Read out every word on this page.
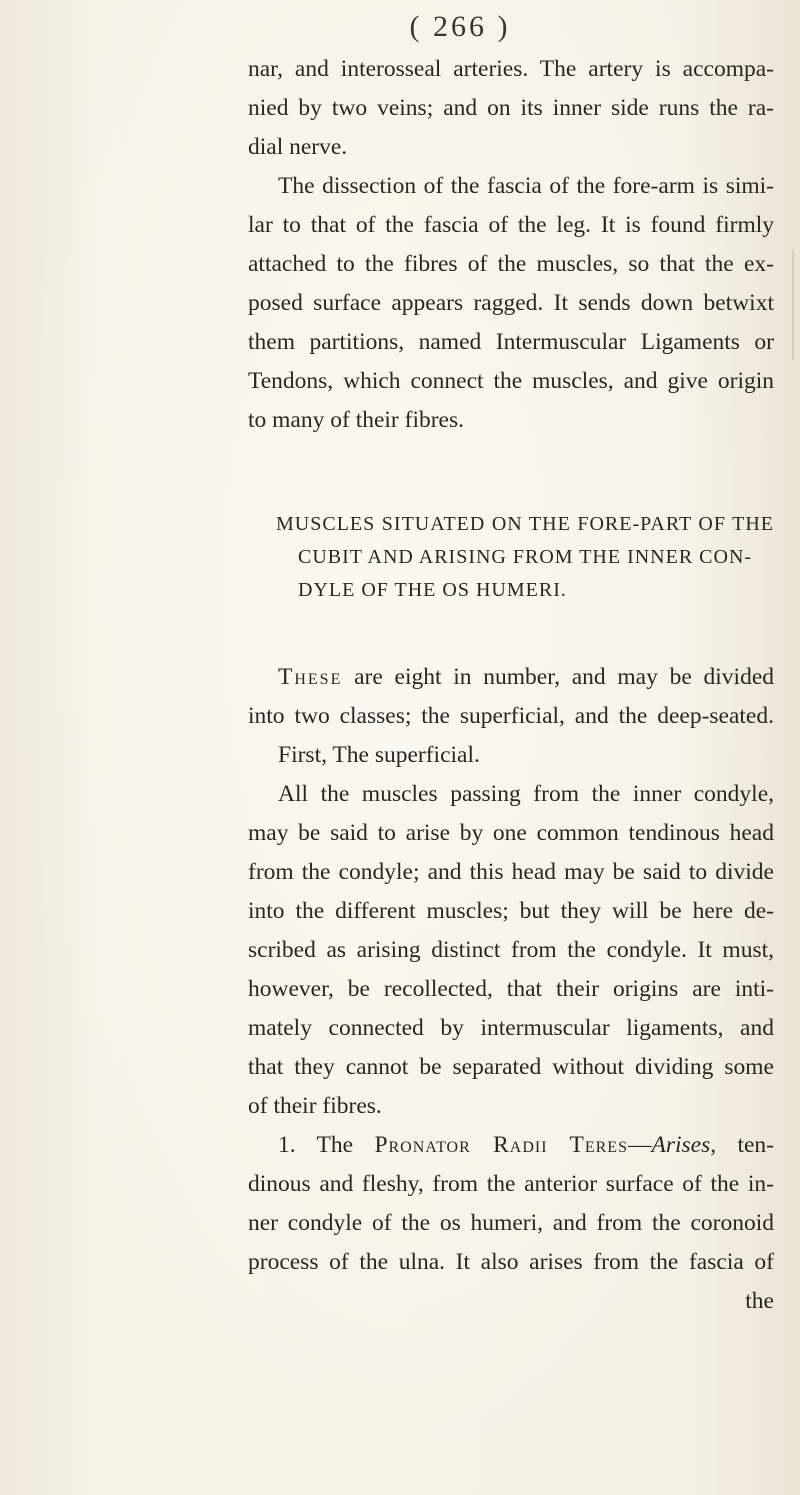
( 266 )
nar, and interosseal arteries. The artery is accompa-
nied by two veins; and on its inner side runs the ra-
dial nerve.
The dissection of the fascia of the fore-arm is simi-
lar to that of the fascia of the leg. It is found firmly
attached to the fibres of the muscles, so that the ex-
posed surface appears ragged. It sends down betwixt
them partitions, named Intermuscular Ligaments or
Tendons, which connect the muscles, and give origin
to many of their fibres.
MUSCLES SITUATED ON THE FORE-PART OF THE
CUBIT AND ARISING FROM THE INNER CON-
DYLE OF THE OS HUMERI.
These are eight in number, and may be divided
into two classes; the superficial, and the deep-seated.
First, The superficial.
All the muscles passing from the inner condyle,
may be said to arise by one common tendinous head
from the condyle; and this head may be said to divide
into the different muscles; but they will be here de-
scribed as arising distinct from the condyle. It must,
however, be recollected, that their origins are inti-
mately connected by intermuscular ligaments, and
that they cannot be separated without dividing some
of their fibres.
1. The Pronator Radii Teres—Arises, ten-
dinous and fleshy, from the anterior surface of the in-
ner condyle of the os humeri, and from the coronoid
process of the ulna. It also arises from the fascia of
the
